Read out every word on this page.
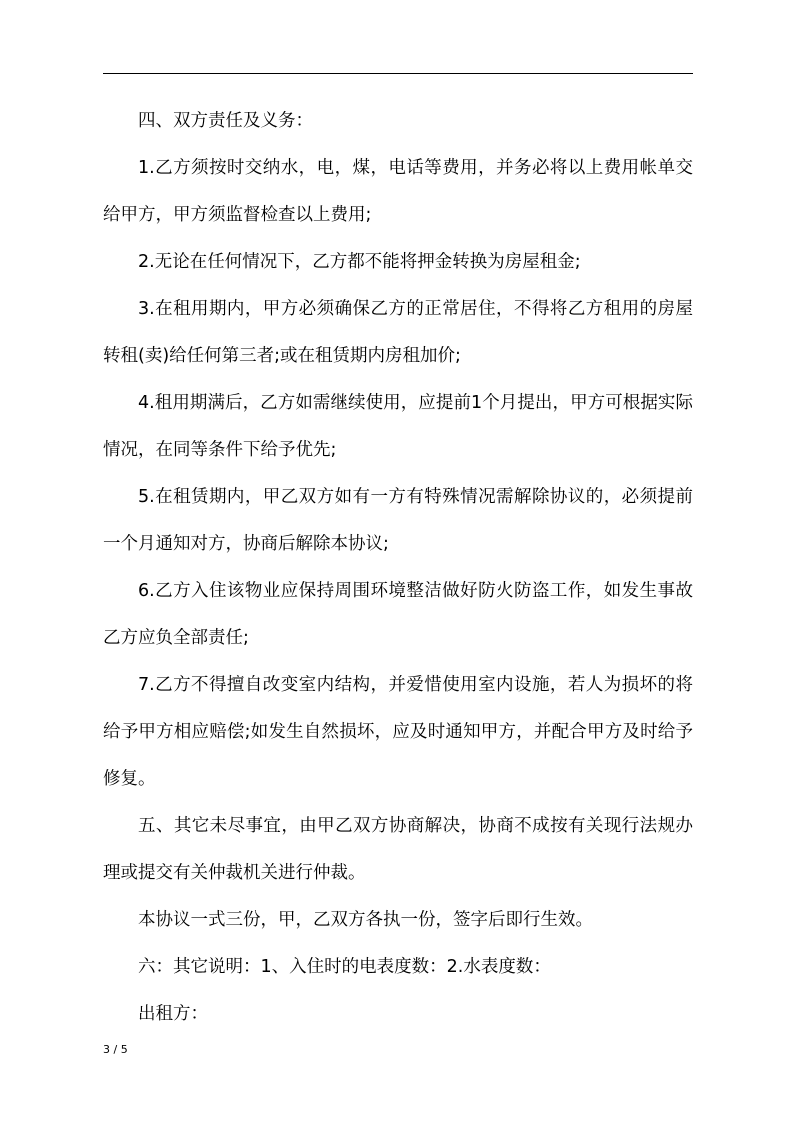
四、双方责任及义务：

1.乙方须按时交纳水，电，煤，电话等费用，并务必将以上费用帐单交给甲方，甲方须监督检查以上费用;

2.无论在任何情况下，乙方都不能将押金转换为房屋租金;

3.在租用期内，甲方必须确保乙方的正常居住，不得将乙方租用的房屋转租(卖)给任何第三者;或在租赁期内房租加价;

4.租用期满后，乙方如需继续使用，应提前1个月提出，甲方可根据实际情况，在同等条件下给予优先;

5.在租赁期内，甲乙双方如有一方有特殊情况需解除协议的，必须提前一个月通知对方，协商后解除本协议;

6.乙方入住该物业应保持周围环境整洁做好防火防盗工作，如发生事故乙方应负全部责任;

7.乙方不得擅自改变室内结构，并爱惜使用室内设施，若人为损坏的将给予甲方相应赔偿;如发生自然损坏，应及时通知甲方，并配合甲方及时给予修复。

五、其它未尽事宜，由甲乙双方协商解决，协商不成按有关现行法规办理或提交有关仲裁机关进行仲裁。

本协议一式三份，甲，乙双方各执一份，签字后即行生效。

六：其它说明：1、入住时的电表度数：2.水表度数：

出租方：

3 / 5
